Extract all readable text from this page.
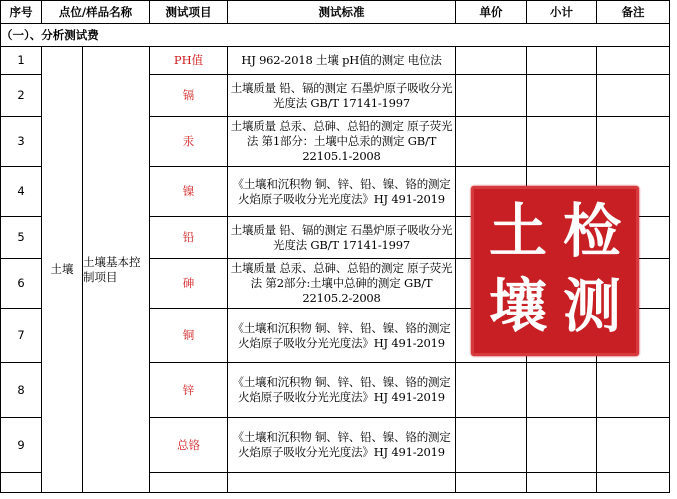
序号	点位/样品名称		测试项目	测试标准	单价	小计	备注
（一）、分析测试费							
1	土壤	土壤基本控制项目	PH值	HJ 962-2018 土壤 pH值的测定 电位法			
2			镉	土壤质量 铅、镉的测定 石墨炉原子吸收分光光度法 GB/T 17141-1997			
3			汞	土壤质量 总汞、总砷、总铅的测定 原子荧光法 第1部分：土壤中总汞的测定 GB/T 22105.1-2008			
4			镍	《土壤和沉积物 铜、锌、铅、镍、铬的测定 火焰原子吸收分光光度法》HJ 491-2019			
5			铅	土壤质量 铅、镉的测定 石墨炉原子吸收分光光度法 GB/T 17141-1997			
6			砷	土壤质量 总汞、总砷、总铅的测定 原子荧光法 第2部分:土壤中总砷的测定 GB/T 22105.2-2008			
7			铜	《土壤和沉积物 铜、锌、铅、镍、铬的测定 火焰原子吸收分光光度法》HJ 491-2019			
8			锌	《土壤和沉积物 铜、锌、铅、镍、铬的测定 火焰原子吸收分光光度法》HJ 491-2019			
9			总铬	《土壤和沉积物 铜、锌、铅、镍、铬的测定 火焰原子吸收分光光度法》HJ 491-2019			

土 检
壤 测
